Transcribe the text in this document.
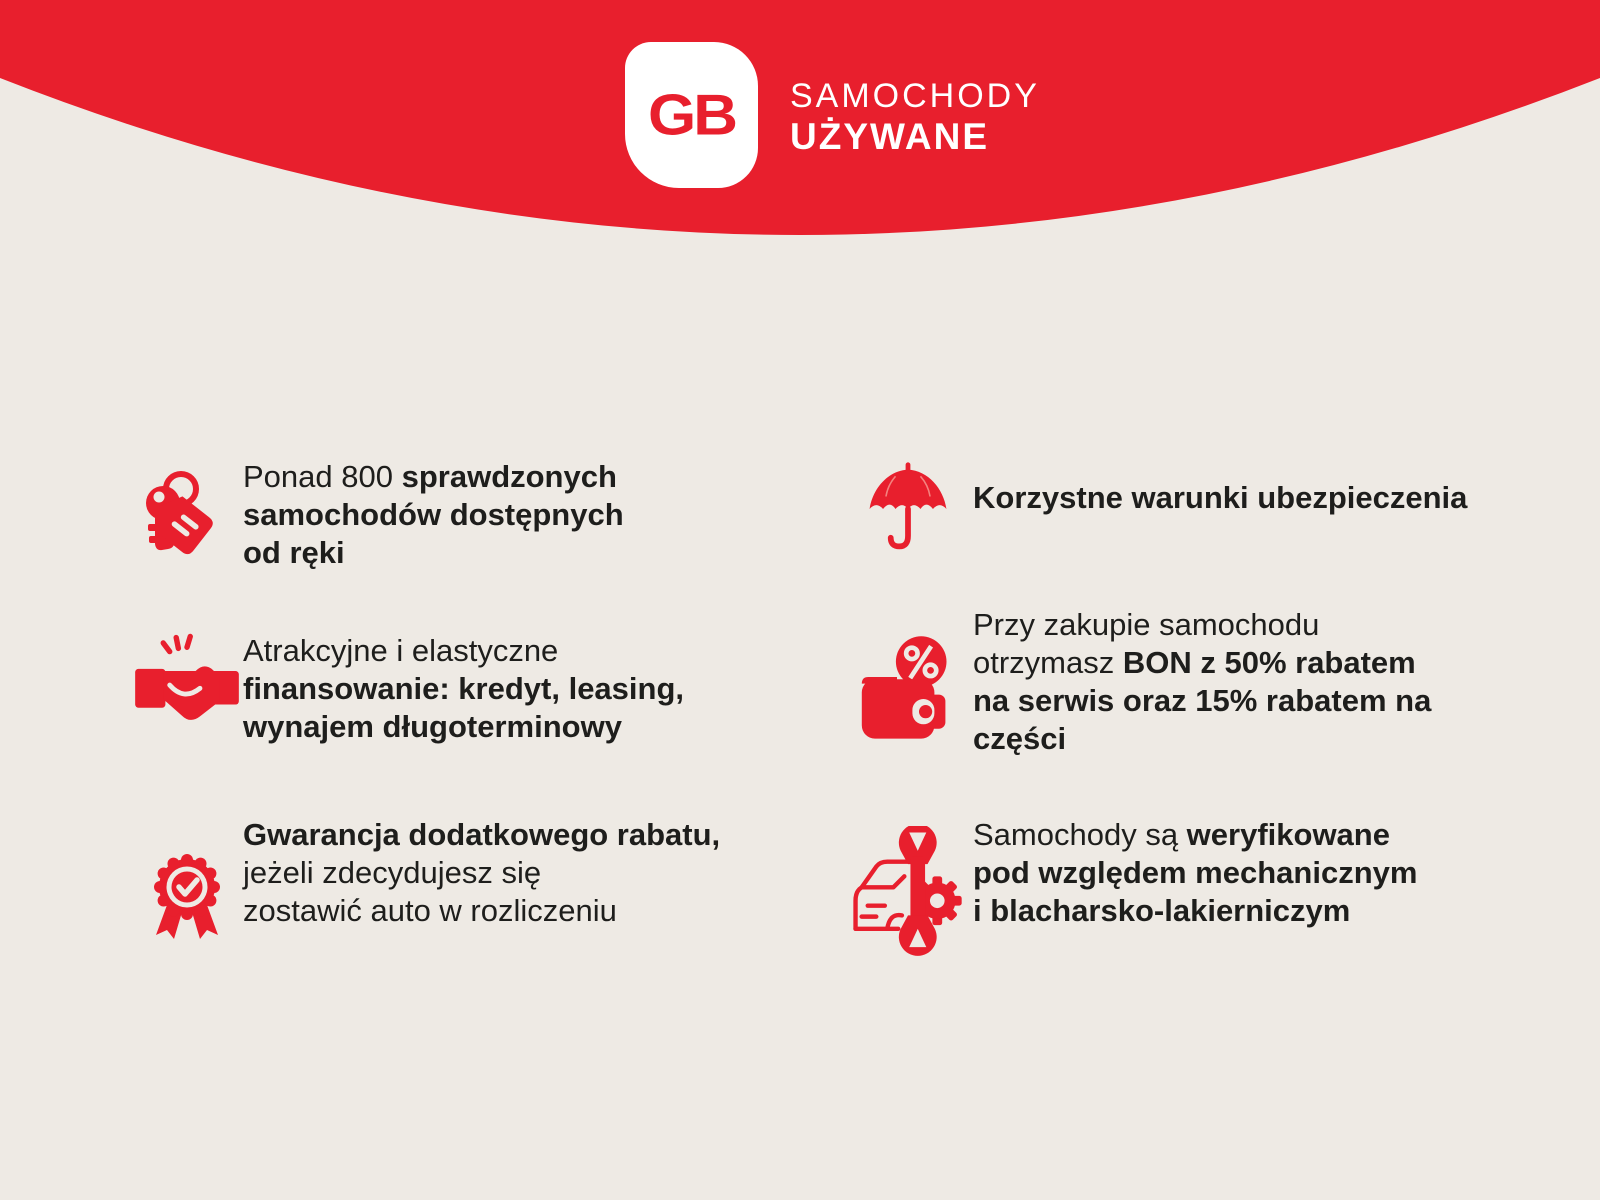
GB SAMOCHODY
UŻYWANE
Ponad 800 sprawdzonych
samochodów dostępnych
od ręki
Atrakcyjne i elastyczne
finansowanie: kredyt, leasing,
wynajem długoterminowy
Gwarancja dodatkowego rabatu,
jeżeli zdecydujesz się
zostawić auto w rozliczeniu
Korzystne warunki ubezpieczenia
Przy zakupie samochodu
otrzymasz BON z 50% rabatem
na serwis oraz 15% rabatem na
części
Samochody są weryfikowane
pod względem mechanicznym
i blacharsko-lakierniczym
